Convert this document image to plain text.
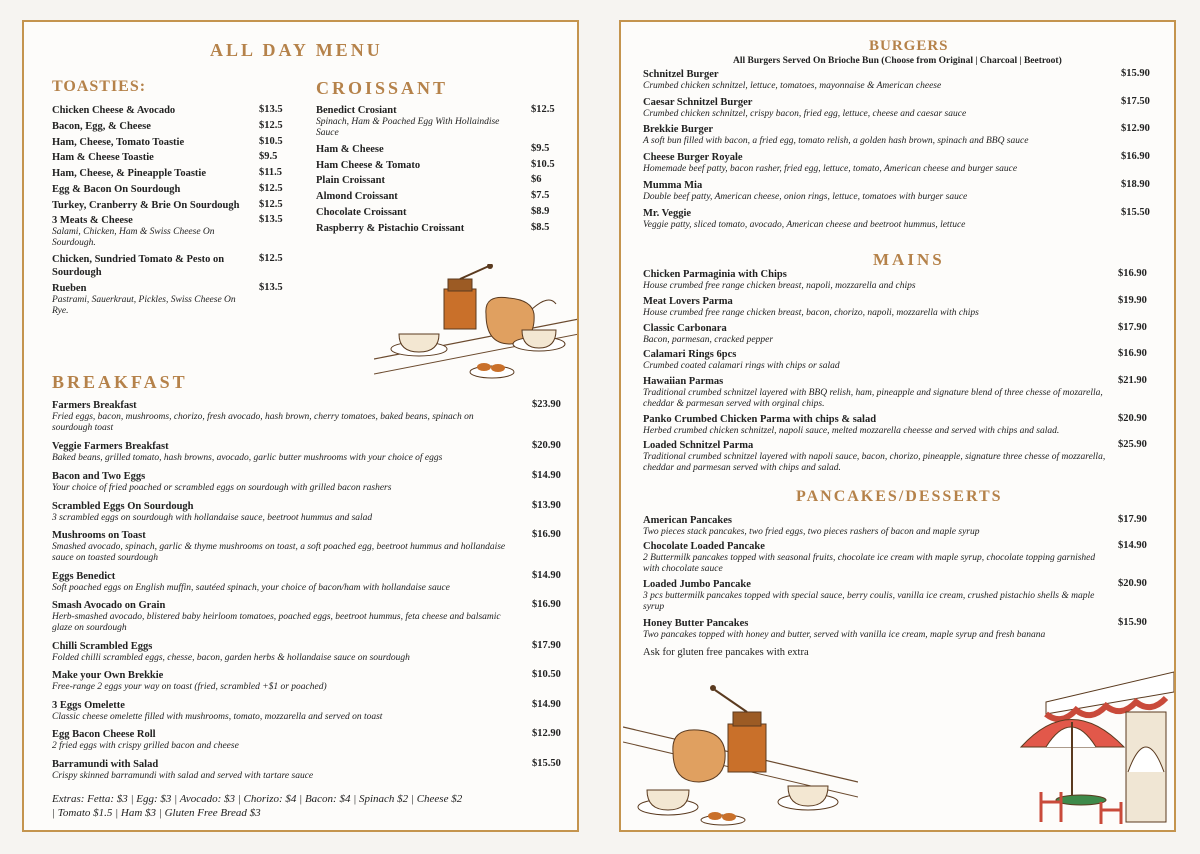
ALL DAY MENU
TOASTIES:	CROISSANT
Chicken Cheese & Avocado	$13.5
Bacon, Egg, & Cheese	$12.5
Ham, Cheese, Tomato Toastie	$10.5
Ham & Cheese Toastie	$9.5
Ham, Cheese, & Pineapple Toastie	$11.5
Egg & Bacon On Sourdough	$12.5
Turkey, Cranberry & Brie On Sourdough $12.5
3 Meats & Cheese
Salami, Chicken, Ham & Swiss Cheese On Sourdough.
$13.5
Chicken, Sundried Tomato & Pesto on Sourdough
$12.5
Rueben
Pastrami, Sauerkraut, Pickles, Swiss Cheese On Rye.
$13.5
Benedict Crosiant
Spinach, Ham & Poached Egg With Hollaindise Sauce
$12.5
Ham & Cheese	$9.5
Ham Cheese & Tomato	$10.5
Plain Croissant	$6
Almond Croissant	$7.5
Chocolate Croissant	$8.9
Raspberry & Pistachio Croissant	$8.5
BREAKFAST
Farmers Breakfast
Fried eggs, bacon, mushrooms, chorizo, fresh avocado, hash brown, cherry tomatoes, baked beans, spinach on sourdough toast
$23.90
Veggie Farmers Breakfast
Baked beans, grilled tomato, hash browns, avocado, garlic butter mushrooms with your choice of eggs
$20.90
Bacon and Two Eggs
Your choice of fried poached or scrambled eggs on sourdough with grilled bacon rashers
$14.90
Scrambled Eggs On Sourdough
3 scrambled eggs on sourdough with hollandaise sauce, beetroot hummus and salad
$13.90
Mushrooms on Toast
Smashed avocado, spinach, garlic & thyme mushrooms on toast, a soft poached egg, beetroot hummus and hollandaise sauce on toasted sourdough
$16.90
Eggs Benedict
Soft poached eggs on English muffin, sautéed spinach, your choice of bacon/ham with hollandaise sauce
$14.90
Smash Avocado on Grain
Herb-smashed avocado, blistered baby heirloom tomatoes, poached eggs, beetroot hummus, feta cheese and balsamic glaze on sourdough
$16.90
Chilli Scrambled Eggs
Folded chilli scrambled eggs, chesse, bacon, garden herbs & hollandaise sauce on sourdough
$17.90
Make your Own Brekkie
Free-range 2 eggs your way on toast (fried, scrambled +$1 or poached)
$10.50
3 Eggs Omelette
Classic cheese omelette filled with mushrooms, tomato, mozzarella and served on toast
$14.90
Egg Bacon Cheese Roll
2 fried eggs with crispy grilled bacon and cheese
$12.90
Barramundi with Salad
Crispy skinned barramundi with salad and served with tartare sauce
$15.50
Extras: Fetta: $3 | Egg: $3 | Avocado: $3 | Chorizo: $4 | Bacon: $4 | Spinach $2 | Cheese $2
| Tomato $1.5 | Ham $3 | Gluten Free Bread $3
BURGERS
All Burgers Served On Brioche Bun (Choose from Original | Charcoal | Beetroot)
Schnitzel Burger
Crumbed chicken schnitzel, lettuce, tomatoes, mayonnaise & American cheese
$15.90
Caesar Schnitzel Burger
Crumbed chicken schnitzel, crispy bacon, fried egg, lettuce, cheese and caesar sauce
$17.50
Brekkie Burger
A soft bun filled with bacon, a fried egg, tomato relish, a golden hash brown, spinach and BBQ sauce
$12.90
Cheese Burger Royale
Homemade beef patty, bacon rasher, fried egg, lettuce, tomato, American cheese and burger sauce
$16.90
Mumma Mia
Double beef patty, American cheese, onion rings, lettuce, tomatoes with burger sauce
$18.90
Mr. Veggie
Veggie patty, sliced tomato, avocado, American cheese and beetroot hummus, lettuce
$15.50
MAINS
Chicken Parmaginia with Chips
House crumbed free range chicken breast, napoli, mozzarella and chips
$16.90
Meat Lovers Parma
House crumbed free range chicken breast, bacon, chorizo, napoli, mozzarella with chips
$19.90
Classic Carbonara
Bacon, parmesan, cracked pepper
$17.90
Calamari Rings 6pcs
Crumbed coated calamari rings with chips or salad
$16.90
Hawaiian Parmas
Traditional crumbed schnitzel layered with BBQ relish, ham, pineapple and signature blend of three chesse of mozarella, cheddar & parmesan served with orginal chips.
$21.90
Panko Crumbed Chicken Parma with chips & salad
Herbed crumbed chicken schnitzel, napoli sauce, melted mozzarella cheesse and served with chips and salad.
$20.90
Loaded Schnitzel Parma
Traditional crumbed schnitzel layered with napoli sauce, bacon, chorizo, pineapple, signature three chesse of mozzarella, cheddar and parmesan served with chips and salad.
$25.90
PANCAKES/DESSERTS
American Pancakes
Two pieces stack pancakes, two fried eggs, two pieces rashers of bacon and maple syrup
$17.90
Chocolate Loaded Pancake
2 Buttermilk pancakes topped with seasonal fruits, chocolate ice cream with maple syrup, chocolate topping garnished with chocolate sauce
$14.90
Loaded Jumbo Pancake
3 pcs buttermilk pancakes topped with special sauce, berry coulis, vanilla ice cream, crushed pistachio shells & maple syrup
$20.90
Honey Butter Pancakes
Two pancakes topped with honey and butter, served with vanilla ice cream, maple syrup and fresh banana
$15.90
Ask for gluten free pancakes with extra
